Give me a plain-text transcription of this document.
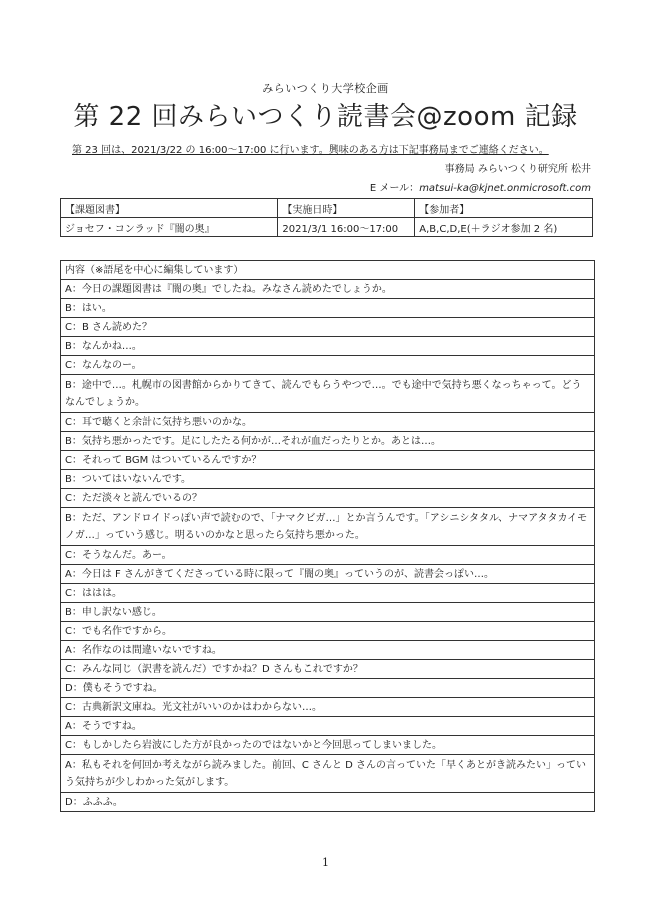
みらいつくり大学校企画
第 22 回みらいつくり読書会@zoom 記録
第 23 回は、2021/3/22 の 16:00～17:00 に行います。興味のある方は下記事務局までご連絡ください。
事務局 みらいつくり研究所 松井
E メール：matsui-ka@kjnet.onmicrosoft.com
【課題図書】	【実施日時】	【参加者】
ジョセフ・コンラッド『闇の奥』	2021/3/1 16:00～17:00	A,B,C,D,E(＋ラジオ参加 2 名)
内容（※語尾を中心に編集しています）
A：今日の課題図書は『闇の奥』でしたね。みなさん読めたでしょうか。
B：はい。
C：B さん読めた？
B：なんかね…。
C：なんなのー。
B：途中で…。札幌市の図書館からかりてきて、読んでもらうやつで…。でも途中で気持ち悪くなっちゃって。どうなんでしょうか。
C：耳で聴くと余計に気持ち悪いのかな。
B：気持ち悪かったです。足にしたたる何かが…それが血だったりとか。あとは…。
C：それって BGM はついているんですか？
B：ついてはいないんです。
C：ただ淡々と読んでいるの？
B：ただ、アンドロイドっぽい声で読むので、「ナマクビガ…」とか言うんです。「アシニシタタル、ナマアタタカイモノガ…」っていう感じ。明るいのかなと思ったら気持ち悪かった。
C：そうなんだ。あー。
A：今日は F さんがきてくださっている時に限って『闇の奥』っていうのが、読書会っぽい…。
C：ははは。
B：申し訳ない感じ。
C：でも名作ですから。
A：名作なのは間違いないですね。
C：みんな同じ（訳書を読んだ）ですかね？D さんもこれですか？
D：僕もそうですね。
C：古典新訳文庫ね。光文社がいいのかはわからない…。
A：そうですね。
C：もしかしたら岩波にした方が良かったのではないかと今回思ってしまいました。
A：私もそれを何回か考えながら読みました。前回、C さんと D さんの言っていた「早くあとがき読みたい」っていう気持ちが少しわかった気がします。
D：ふふふ。
1
